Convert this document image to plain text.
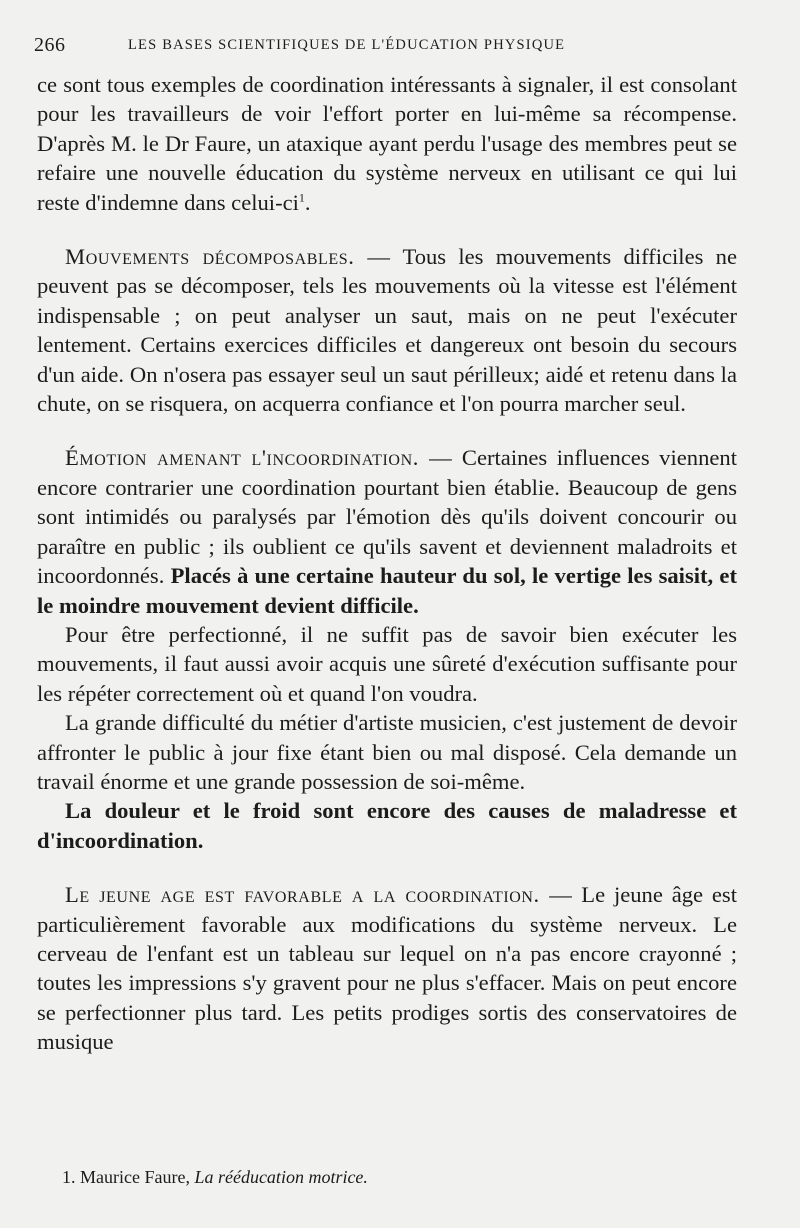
266	LES BASES SCIENTIFIQUES DE L'ÉDUCATION PHYSIQUE

ce sont tous exemples de coordination intéressants à signaler, il est consolant pour les travailleurs de voir l'effort porter en lui-même sa récompense. D'après M. le Dr Faure, un ataxique ayant perdu l'usage des membres peut se refaire une nouvelle éducation du système nerveux en utilisant ce qui lui reste d'indemne dans celui-$ci^1$.

Mouvements décomposables. — Tous les mouvements difficiles ne peuvent pas se décomposer, tels les mouvements où la vitesse est l'élément indispensable ; on peut analyser un saut, mais on ne peut l'exécuter lentement. Certains exercices difficiles et dangereux ont besoin du secours d'un aide. On n'osera pas essayer seul un saut périlleux; aidé et retenu dans la chute, on se risquera, on acquerra confiance et l'on pourra marcher seul.

Émotion amenant l'incoordination. — Certaines influences viennent encore contrarier une coordination pourtant bien établie. Beaucoup de gens sont intimidés ou paralysés par l'émotion dès qu'ils doivent concourir ou paraître en public ; ils oublient ce qu'ils savent et deviennent maladroits et incoordonnés. Placés à une certaine hauteur du sol, le vertige les saisit, et le moindre mouvement devient difficile.

Pour être perfectionné, il ne suffit pas de savoir bien exécuter les mouvements, il faut aussi avoir acquis une sûreté d'exécution suffisante pour les répéter correctement où et quand l'on voudra.

La grande difficulté du métier d'artiste musicien, c'est justement de devoir affronter le public à jour fixe étant bien ou mal disposé. Cela demande un travail énorme et une grande possession de soi-même.

La douleur et le froid sont encore des causes de maladresse et d'incoordination.

Le jeune age est favorable a la coordination. — Le jeune âge est particulièrement favorable aux modifications du système nerveux. Le cerveau de l'enfant est un tableau sur lequel on n'a pas encore crayonné ; toutes les impressions s'y gravent pour ne plus s'effacer. Mais on peut encore se perfectionner plus tard. Les petits prodiges sortis des conservatoires de musique

1. Maurice Faure, La rééducation motrice.
